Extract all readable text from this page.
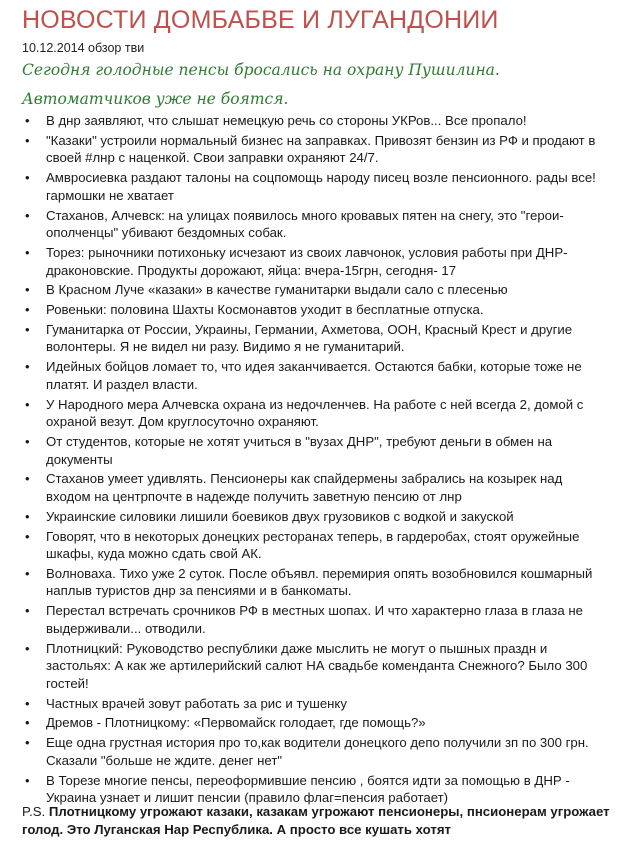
НОВОСТИ ДОМБАБВЕ И ЛУГАНДОНИИ
10.12.2014 обзор тви
Сегодня голодные пенсы бросались на охрану Пушилина.
Автоматчиков уже не боятся.
• В днр заявляют, что слышат немецкую речь со стороны УКРов... Все пропало!
• "Казаки" устроили нормальный бизнес на заправках. Привозят бензин из РФ и продают в своей #лнр с наценкой. Свои заправки охраняют 24/7.
• Амвросиевка раздают талоны на соцпомощь народу писец возле пенсионного. рады все! гармошки не хватает
• Стаханов, Алчевск: на улицах появилось много кровавых пятен на снегу, это "герои-ополченцы" убивают бездомных собак.
• Торез: рыночники потихоньку исчезают из своих лавчонок, условия работы при ДНР-драконовские. Продукты дорожают, яйца: вчера-15грн, сегодня- 17
• В Красном Луче «казаки» в качестве гуманитарки выдали сало с плесенью
• Ровеньки: половина Шахты Космонавтов уходит в бесплатные отпуска.
• Гуманитарка от России, Украины, Германии, Ахметова, ООН, Красный Крест и другие волонтеры. Я не видел ни разу. Видимо я не гуманитарий.
• Идейных бойцов ломает то, что идея заканчивается. Остаются бабки, которые тоже не платят. И раздел власти.
• У Народного мера Алчевска охрана из недочленчев. На работе с ней всегда 2, домой с охраной везут. Дом круглосуточно охраняют.
• От студентов, которые не хотят учиться в "вузах ДНР", требуют деньги в обмен на документы
• Стаханов умеет удивлять. Пенсионеры как спайдермены забрались на козырек над входом на центрпочте в надежде получить заветную пенсию от лнр
• Украинские силовики лишили боевиков двух грузовиков с водкой и закуской
• Говорят, что в некоторых донецких ресторанах теперь, в гардеробах, стоят оружейные шкафы, куда можно сдать свой АК.
• Волноваха. Тихо уже 2 суток. После объявл. перемирия опять возобновился кошмарный наплыв туристов днр за пенсиями и в банкоматы.
• Перестал встречать срочников РФ в местных шопах. И что характерно глаза в глаза не выдерживали... отводили.
• Плотницкий: Руководство республики даже мыслить не могут о пышных праздн и застольях: А как же артилерийский салют НА свадьбе коменданта Снежного? Было 300 гостей!
• Частных врачей зовут работать за рис и тушенку
• Дремов - Плотницкому: «Первомайск голодает, где помощь?»
• Еще одна грустная история про то,как водители донецкого депо получили зп по 300 грн. Сказали "больше не ждите. денег нет"
• В Торезе многие пенсы, переоформившие пенсию , боятся идти за помощью в ДНР - Украина узнает и лишит пенсии (правило флаг=пенсия работает)
P.S. Плотницкому угрожают казаки, казакам угрожают пенсионеры, пнсионерам угрожает голод. Это Луганская Нар Республика. А просто все кушать хотят
